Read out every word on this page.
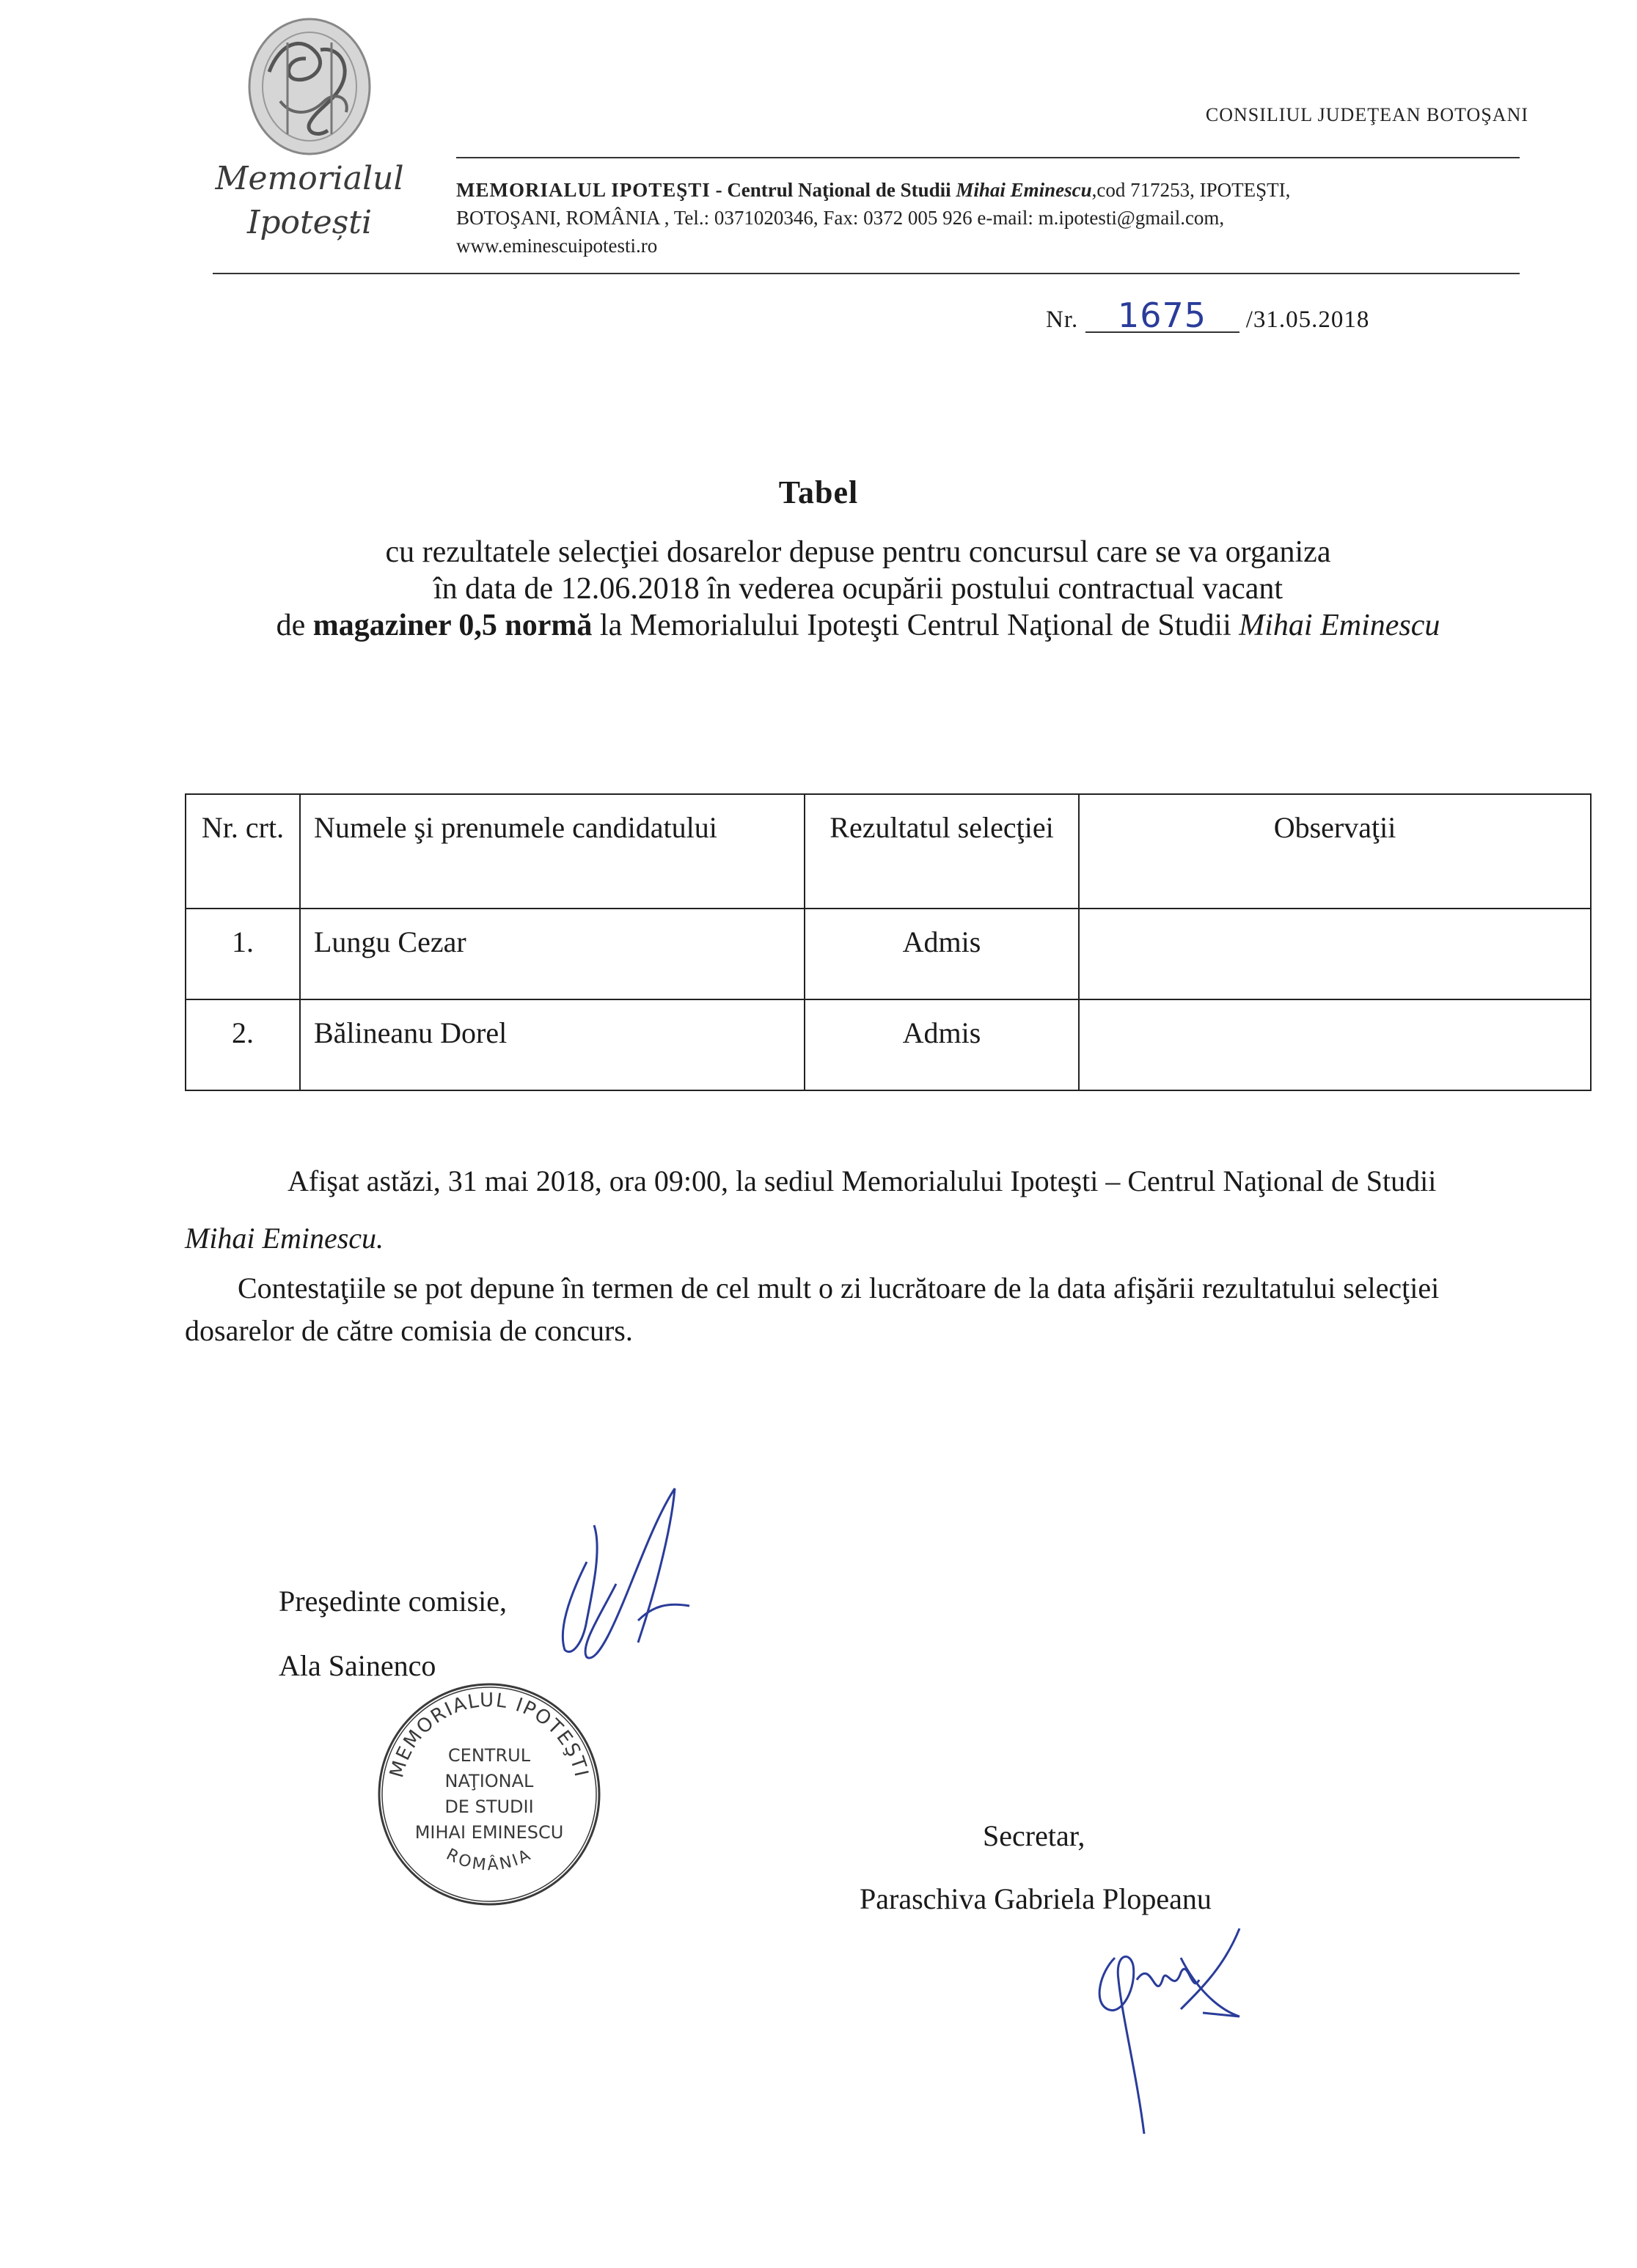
Memorialul
Ipotești
CONSILIUL JUDEŢEAN BOTOŞANI
MEMORIALUL IPOTEŞTI - Centrul Naţional de Studii Mihai Eminescu,cod 717253, IPOTEŞTI,
BOTOŞANI, ROMÂNIA , Tel.: 0371020346, Fax: 0372 005 926 e-mail: m.ipotesti@gmail.com,
www.eminescuipotesti.ro
Nr. 1675 /31.05.2018
Tabel
cu rezultatele selecţiei dosarelor depuse pentru concursul care se va organiza
în data de 12.06.2018 în vederea ocupării postului contractual vacant
de magaziner 0,5 normă la Memorialului Ipoteşti Centrul Naţional de Studii Mihai Eminescu
Nr. crt.	Numele şi prenumele candidatului	Rezultatul selecţiei	Observaţii
1.	Lungu Cezar	Admis	
2.	Bălineanu Dorel	Admis	
Afişat astăzi, 31 mai 2018, ora 09:00, la sediul Memorialului Ipoteşti – Centrul Naţional de Studii Mihai Eminescu.
Contestaţiile se pot depune în termen de cel mult o zi lucrătoare de la data afişării rezultatului selecţiei dosarelor de către comisia de concurs.
Preşedinte comisie,
Ala Sainenco
MEMORIALUL IPOTEŞTI
CENTRUL
NAŢIONAL
DE STUDII
MIHAI EMINESCU
ROMÂNIA
Secretar,
Paraschiva Gabriela Plopeanu
